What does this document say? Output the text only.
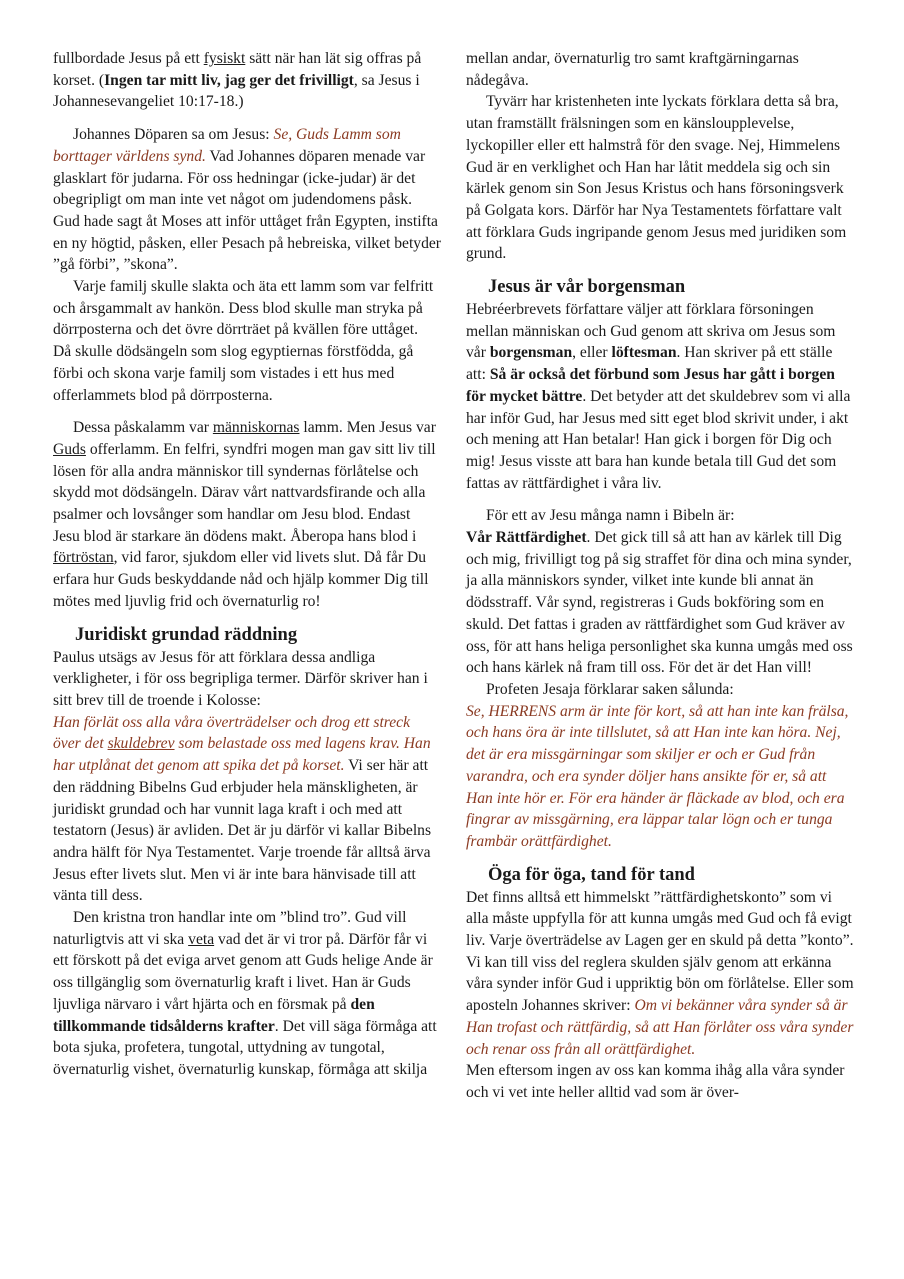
fullbordade Jesus på ett fysiskt sätt när han lät sig offras på korset. (Ingen tar mitt liv, jag ger det frivilligt, sa Jesus i Johannesevangeliet 10:17-18.)

Johannes Döparen sa om Jesus: Se, Guds Lamm som borttager världens synd. Vad Johannes döparen menade var glasklart för judarna. För oss hedningar (icke-judar) är det obegripligt om man inte vet något om judendomens påsk. Gud hade sagt åt Moses att inför uttåget från Egypten, instifta en ny högtid, påsken, eller Pesach på hebreiska, vilket betyder ”gå förbi”, ”skona”.

Varje familj skulle slakta och äta ett lamm som var felfritt och årsgammalt av hankön. Dess blod skulle man stryka på dörrposterna och det övre dörrträet på kvällen före uttåget.

Då skulle dödsängeln som slog egyptiernas förstfödda, gå förbi och skona varje familj som vistades i ett hus med offerlammets blod på dörrposterna.

Dessa påskalamm var människornas lamm. Men Jesus var Guds offerlamm. En felfri, syndfri mogen man gav sitt liv till lösen för alla andra människor till syndernas förlåtelse och skydd mot dödsängeln. Därav vårt nattvardsfirande och alla psalmer och lovsånger som handlar om Jesu blod. Endast Jesu blod är starkare än dödens makt. Åberopa hans blod i förtröstan, vid faror, sjukdom eller vid livets slut. Då får Du erfara hur Guds beskyddande nåd och hjälp kommer Dig till mötes med ljuvlig frid och övernaturlig ro!

Juridiskt grundad räddning

Paulus utsägs av Jesus för att förklara dessa andliga verkligheter, i för oss begripliga termer. Därför skriver han i sitt brev till de troende i Kolosse:
Han förlät oss alla våra överträdelser och drog ett streck över det skuldebrev som belastade oss med lagens krav. Han har utplånat det genom att spika det på korset. Vi ser här att den räddning Bibelns Gud erbjuder hela mänskligheten, är juridiskt grundad och har vunnit laga kraft i och med att testatorn (Jesus) är avliden. Det är ju därför vi kallar Bibelns andra hälft för Nya Testamentet. Varje troende får alltså ärva Jesus efter livets slut. Men vi är inte bara hänvisade till att vänta till dess.

Den kristna tron handlar inte om ”blind tro”. Gud vill naturligtvis att vi ska veta vad det är vi tror på. Därför får vi ett förskott på det eviga arvet genom att Guds helige Ande är oss tillgänglig som övernaturlig kraft i livet. Han är Guds ljuvliga närvaro i vårt hjärta och en försmak på den tillkommande tidsålderns krafter. Det vill säga förmåga att bota sjuka, profetera, tungotal, uttydning av tungotal, övernaturlig vishet, övernaturlig kunskap, förmåga att skilja

mellan andar, övernaturlig tro samt kraftgärningarnas nådegåva.

Tyvärr har kristenheten inte lyckats förklara detta så bra, utan framställt frälsningen som en känsloupplevelse, lyckopiller eller ett halmstrå för den svage. Nej, Himmelens Gud är en verklighet och Han har låtit meddela sig och sin kärlek genom sin Son Jesus Kristus och hans försoningsverk på Golgata kors. Därför har Nya Testamentets författare valt att förklara Guds ingripande genom Jesus med juridiken som grund.

Jesus är vår borgensman

Hebréerbrevets författare väljer att förklara försoningen mellan människan och Gud genom att skriva om Jesus som vår borgensman, eller löftesman. Han skriver på ett ställe att: Så är också det förbund som Jesus har gått i borgen för mycket bättre. Det betyder att det skuldebrev som vi alla har inför Gud, har Jesus med sitt eget blod skrivit under, i akt och mening att Han betalar! Han gick i borgen för Dig och mig! Jesus visste att bara han kunde betala till Gud det som fattas av rättfärdighet i våra liv.

För ett av Jesu många namn i Bibeln är:
Vår Rättfärdighet. Det gick till så att han av kärlek till Dig och mig, frivilligt tog på sig straffet för dina och mina synder, ja alla människors synder, vilket inte kunde bli annat än dödsstraff. Vår synd, registreras i Guds bokföring som en skuld. Det fattas i graden av rättfärdighet som Gud kräver av oss, för att hans heliga personlighet ska kunna umgås med oss och hans kärlek nå fram till oss. För det är det Han vill!

Profeten Jesaja förklarar saken sålunda:
Se, HERRENS arm är inte för kort, så att han inte kan frälsa, och hans öra är inte tillslutet, så att Han inte kan höra. Nej, det är era missgärningar som skiljer er och er Gud från varandra, och era synder döljer hans ansikte för er, så att Han inte hör er. För era händer är fläckade av blod, och era fingrar av missgärning, era läppar talar lögn och er tunga frambär orättfärdighet.

Öga för öga, tand för tand

Det finns alltså ett himmelskt ”rättfärdighetskonto” som vi alla måste uppfylla för att kunna umgås med Gud och få evigt liv. Varje överträdelse av Lagen ger en skuld på detta ”konto”. Vi kan till viss del reglera skulden själv genom att erkänna våra synder inför Gud i uppriktig bön om förlåtelse. Eller som aposteln Johannes skriver: Om vi bekänner våra synder så är Han trofast och rättfärdig, så att Han förlåter oss våra synder och renar oss från all orättfärdighet.

Men eftersom ingen av oss kan komma ihåg alla våra synder och vi vet inte heller alltid vad som är över-
